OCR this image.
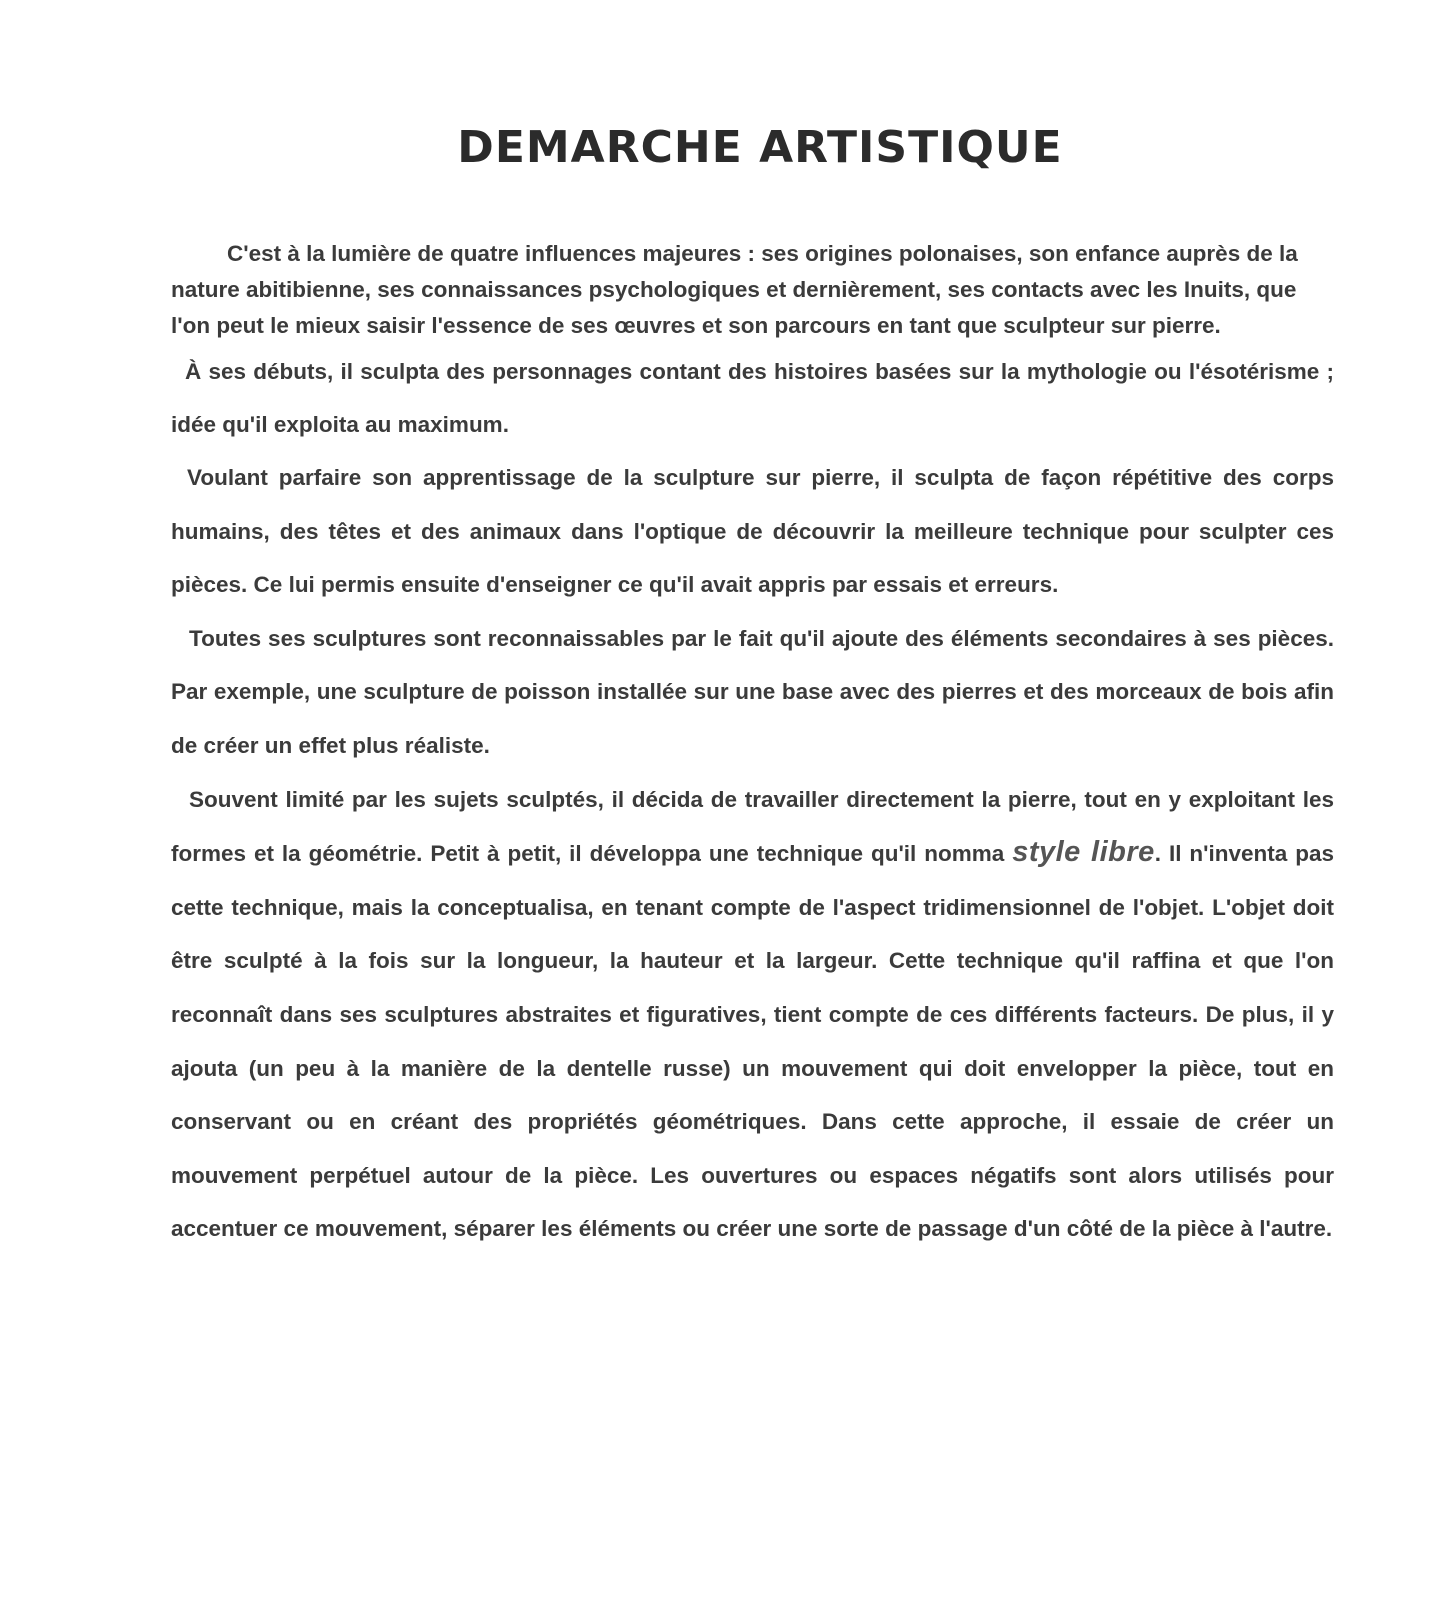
DEMARCHE ARTISTIQUE

C'est à la lumière de quatre influences majeures : ses origines polonaises, son enfance auprès de la nature abitibienne, ses connaissances psychologiques et dernièrement, ses contacts avec les Inuits, que l'on peut le mieux saisir l'essence de ses œuvres et son parcours en tant que sculpteur sur pierre.

À ses débuts, il sculpta des personnages contant des histoires basées sur la mythologie ou l'ésotérisme ; idée qu'il exploita au maximum.

Voulant parfaire son apprentissage de la sculpture sur pierre, il sculpta de façon répétitive des corps humains, des têtes et des animaux dans l'optique de découvrir la meilleure technique pour sculpter ces pièces. Ce lui permis ensuite d'enseigner ce qu'il avait appris par essais et erreurs.

Toutes ses sculptures sont reconnaissables par le fait qu'il ajoute des éléments secondaires à ses pièces. Par exemple, une sculpture de poisson installée sur une base avec des pierres et des morceaux de bois afin de créer un effet plus réaliste.

Souvent limité par les sujets sculptés, il décida de travailler directement la pierre, tout en y exploitant les formes et la géométrie. Petit à petit, il développa une technique qu'il nomma style libre. Il n'inventa pas cette technique, mais la conceptualisa, en tenant compte de l'aspect tridimensionnel de l'objet. L'objet doit être sculpté à la fois sur la longueur, la hauteur et la largeur. Cette technique qu'il raffina et que l'on reconnaît dans ses sculptures abstraites et figuratives, tient compte de ces différents facteurs. De plus, il y ajouta (un peu à la manière de la dentelle russe) un mouvement qui doit envelopper la pièce, tout en conservant ou en créant des propriétés géométriques. Dans cette approche, il essaie de créer un mouvement perpétuel autour de la pièce. Les ouvertures ou espaces négatifs sont alors utilisés pour accentuer ce mouvement, séparer les éléments ou créer une sorte de passage d'un côté de la pièce à l'autre.
